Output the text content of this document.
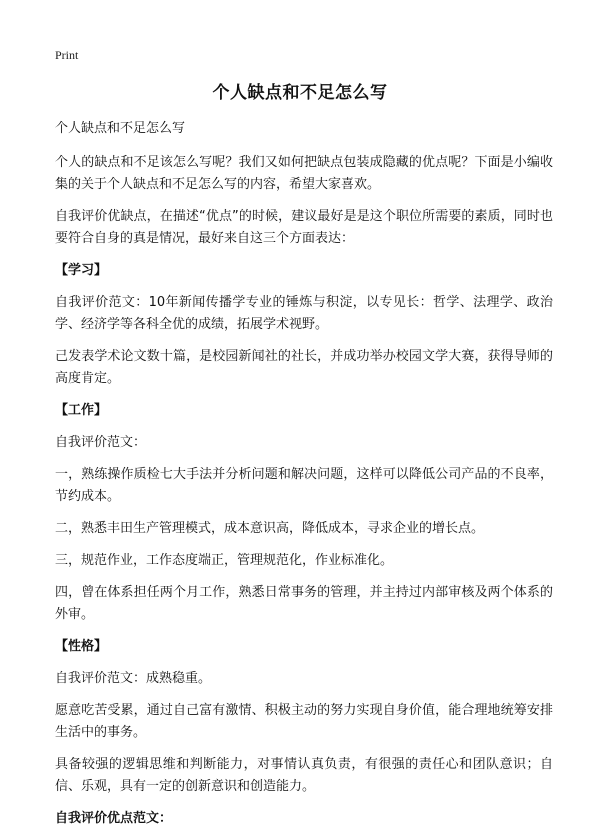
Print
个人缺点和不足怎么写

个人缺点和不足怎么写

个人的缺点和不足该怎么写呢？我们又如何把缺点包装成隐藏的优点呢？下面是小编收集的关于个人缺点和不足怎么写的内容，希望大家喜欢。

自我评价优缺点，在描述“优点”的时候，建议最好是是这个职位所需要的素质，同时也要符合自身的真是情况，最好来自这三个方面表达：

【学习】

自我评价范文：10年新闻传播学专业的锤炼与积淀，以专见长：哲学、法理学、政治学、经济学等各科全优的成绩，拓展学术视野。

己发表学术论文数十篇，是校园新闻社的社长，并成功举办校园文学大赛，获得导师的高度肯定。

【工作】

自我评价范文：

一，熟练操作质检七大手法并分析问题和解决问题，这样可以降低公司产品的不良率，节约成本。

二，熟悉丰田生产管理模式，成本意识高，降低成本，寻求企业的增长点。

三，规范作业，工作态度端正，管理规范化，作业标准化。

四，曾在体系担任两个月工作，熟悉日常事务的管理，并主持过内部审核及两个体系的外审。

【性格】

自我评价范文：成熟稳重。

愿意吃苦受累，通过自己富有激情、积极主动的努力实现自身价值，能合理地统筹安排生活中的事务。

具备较强的逻辑思维和判断能力，对事情认真负责，有很强的责任心和团队意识；自信、乐观，具有一定的创新意识和创造能力。

自我评价优点范文：
